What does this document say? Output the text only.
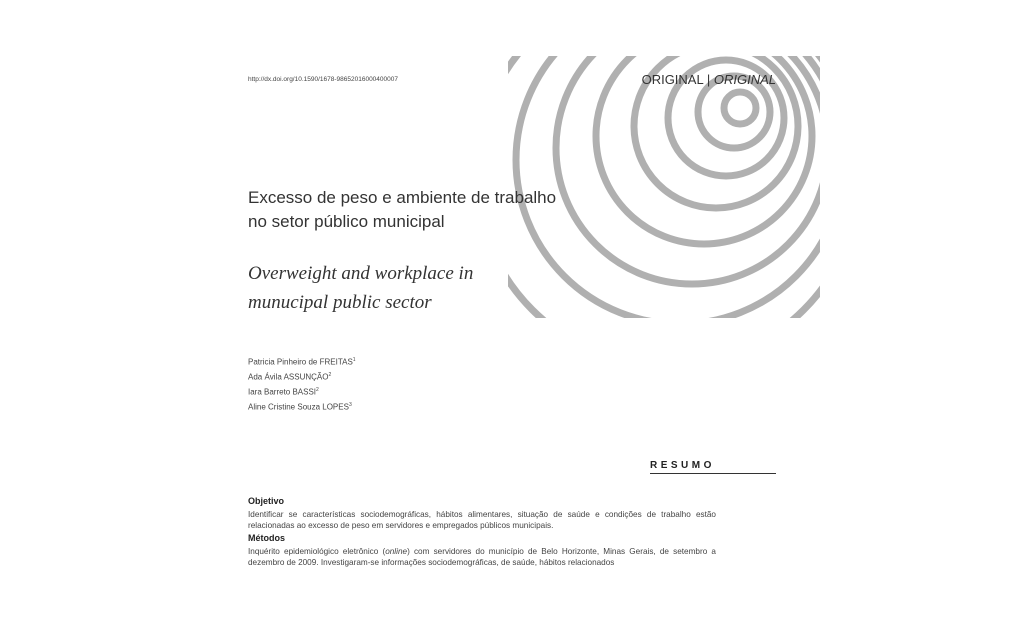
http://dx.doi.org/10.1590/1678-98652016000400007	ORIGINAL | ORIGINAL
Excesso de peso e ambiente de trabalho
no setor público municipal
Overweight and workplace in
munucipal public sector
Patricia Pinheiro de FREITAS$^1$
Ada Ávila ASSUNÇÃO$^2$
Iara Barreto BASSI$^2$
Aline Cristine Souza LOPES$^3$
RESUMO
Objetivo

Identificar se características sociodemográficas, hábitos alimentares, situação de saúde e condições de trabalho estão relacionadas ao excesso de peso em servidores e empregados públicos municipais.

Métodos

Inquérito epidemiológico eletrônico (online) com servidores do município de Belo Horizonte, Minas Gerais, de setembro a dezembro de 2009. Investigaram-se informações sociodemográficas, de saúde, hábitos relacionados
